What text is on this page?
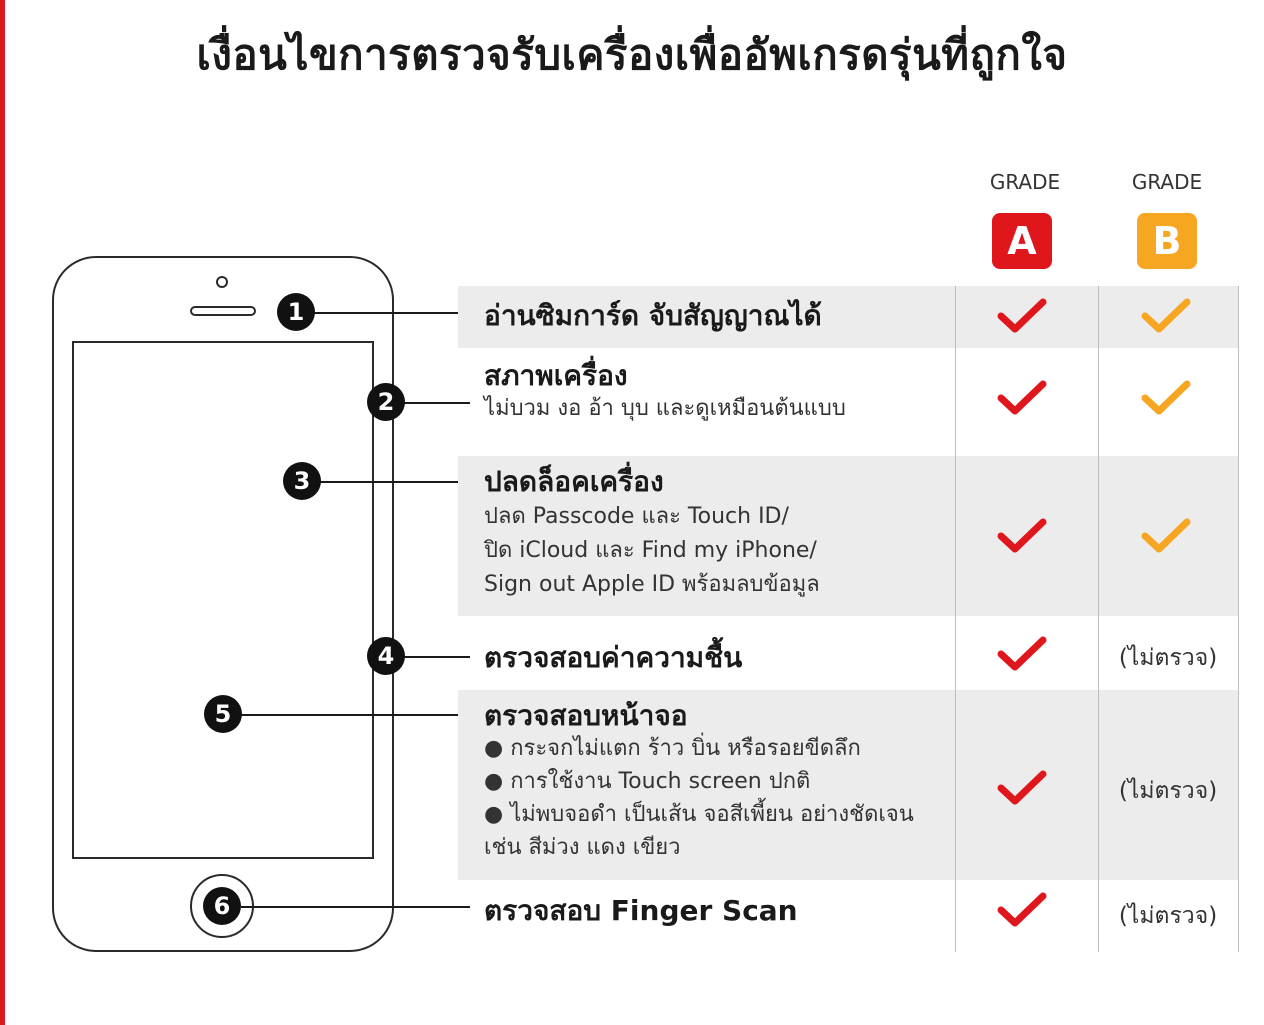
เงื่อนไขการตรวจรับเครื่องเพื่ออัพเกรดรุ่นที่ถูกใจ
1
2
3
4
5
6
GRADE	GRADE
A	B
อ่านซิมการ์ด จับสัญญาณได้
สภาพเครื่อง
ไม่บวม งอ อ้า บุบ และดูเหมือนต้นแบบ
ปลดล็อคเครื่อง
ปลด Passcode และ Touch ID/
ปิด iCloud และ Find my iPhone/
Sign out Apple ID พร้อมลบข้อมูล
ตรวจสอบค่าความชื้น
ตรวจสอบหน้าจอ
● กระจกไม่แตก ร้าว บิ่น หรือรอยขีดลึก
● การใช้งาน Touch screen ปกติ
● ไม่พบจอดำ เป็นเส้น จอสีเพี้ยน อย่างชัดเจน
เช่น สีม่วง แดง เขียว
ตรวจสอบ Finger Scan
(ไม่ตรวจ)
(ไม่ตรวจ)
(ไม่ตรวจ)
